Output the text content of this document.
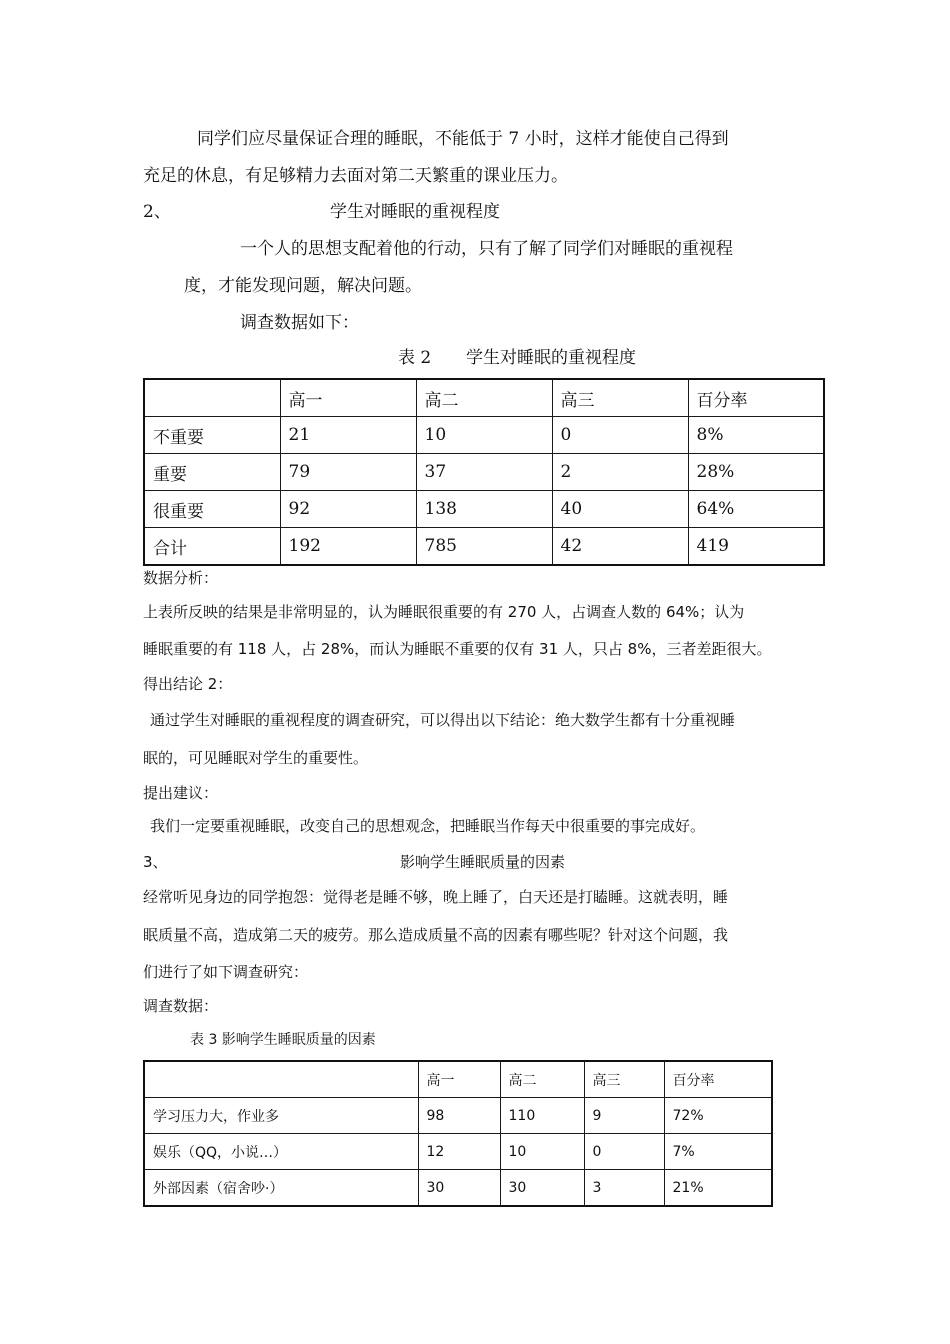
同学们应尽量保证合理的睡眠，不能低于 7 小时，这样才能使自己得到
充足的休息，有足够精力去面对第二天繁重的课业压力。
2、	学生对睡眠的重视程度
一个人的思想支配着他的行动，只有了解了同学们对睡眠的重视程
度，才能发现问题，解决问题。
调查数据如下：
表 2 学生对睡眠的重视程度
	高一	高二	高三	百分率
不重要	21	10	0	8%
重要	79	37	2	28%
很重要	92	138	40	64%
合计	192	785	42	419
数据分析：
上表所反映的结果是非常明显的，认为睡眠很重要的有 270 人，占调查人数的 64%；认为
睡眠重要的有 118 人，占 28%，而认为睡眠不重要的仅有 31 人，只占 8%，三者差距很大。
得出结论 2：
通过学生对睡眠的重视程度的调查研究，可以得出以下结论：绝大数学生都有十分重视睡
眠的，可见睡眠对学生的重要性。
提出建议：
我们一定要重视睡眠，改变自己的思想观念，把睡眠当作每天中很重要的事完成好。
3、	影响学生睡眠质量的因素
经常听见身边的同学抱怨：觉得老是睡不够，晚上睡了，白天还是打瞌睡。这就表明，睡
眠质量不高，造成第二天的疲劳。那么造成质量不高的因素有哪些呢？针对这个问题，我
们进行了如下调查研究：
调查数据：
表 3 影响学生睡眠质量的因素
	高一	高二	高三	百分率
学习压力大，作业多	98	110	9	72%
娱乐（QQ，小说…）	12	10	0	7%
外部因素（宿舍吵·）	30	30	3	21%
